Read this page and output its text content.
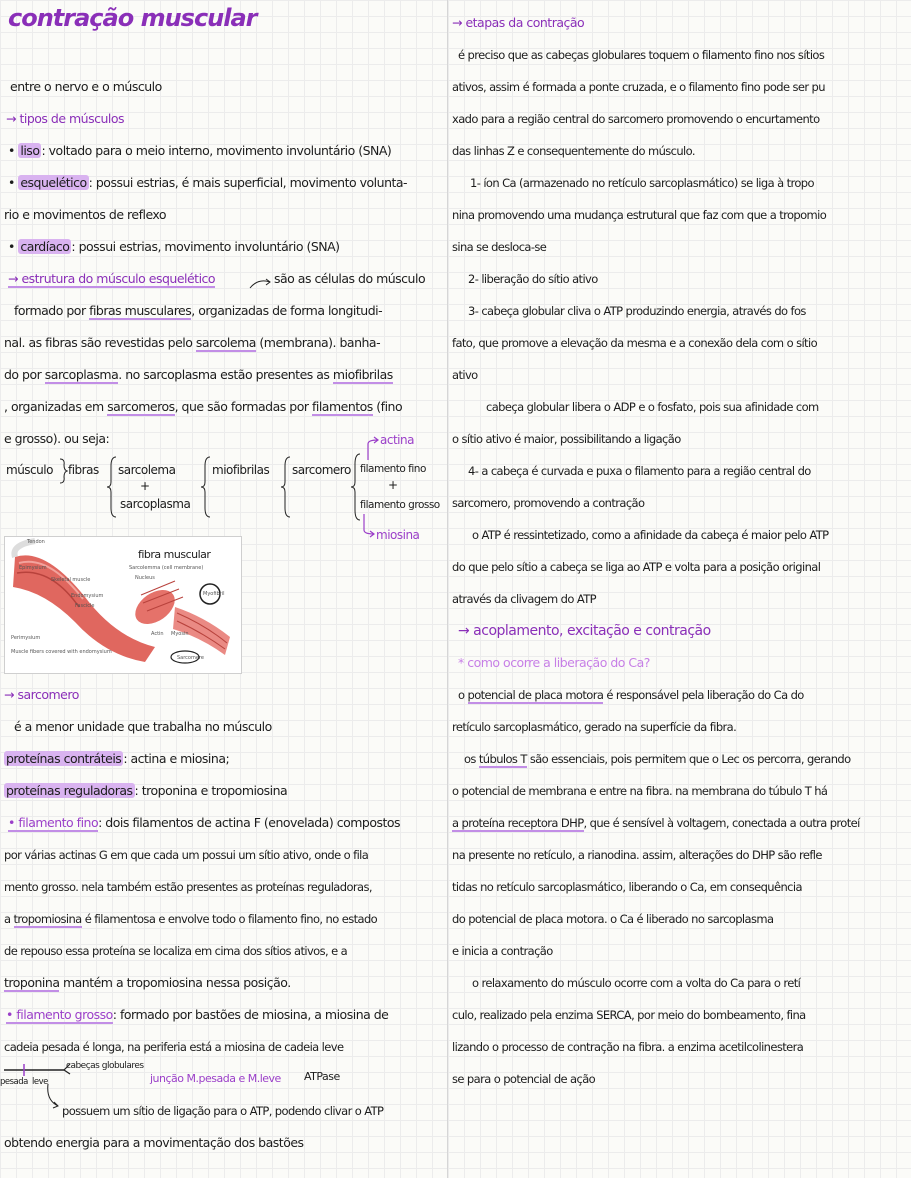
contração muscular
entre o nervo e o músculo
→ tipos de músculos
• liso : voltado para o meio interno, movimento involuntário (SNA)
• esquelético : possui estrias, é mais superficial, movimento volunta-
rio e movimentos de reflexo
• cardíaco : possui estrias, movimento involuntário (SNA)
→ estrutura do músculo esquelético	são as células do músculo
formado por fibras musculares, organizadas de forma longitudi-
nal. as fibras são revestidas pelo sarcolema (membrana). banha-
do por sarcoplasma. no sarcoplasma estão presentes as miofibrilas
, organizadas em sarcomeros, que são formadas por filamentos (fino
e grosso). ou seja:
músculo fibras sarcolema
+
sarcoplasma
miofibrilas sarcomero filamento fino
+
filamento grosso
actina
miosina
Tendon
Epimysium
Skeletal muscle
Endomysium
Fascicle
Perimysium
Muscle fibers covered with endomysium
Sarcolemma (cell membrane)
Nucleus
Myofibril
Actin Myosin
Sarcomere
fibra muscular
→ sarcomero
é a menor unidade que trabalha no músculo
proteínas contráteis : actina e miosina;
proteínas reguladoras : troponina e tropomiosina
• filamento fino: dois filamentos de actina F (enovelada) compostos
por várias actinas G em que cada um possui um sítio ativo, onde o fila
mento grosso. nela também estão presentes as proteínas reguladoras,
a tropomiosina é filamentosa e envolve todo o filamento fino, no estado
de repouso essa proteína se localiza em cima dos sítios ativos, e a
troponina mantém a tropomiosina nessa posição.
• filamento grosso: formado por bastões de miosina, a miosina de
cadeia pesada é longa, na periferia está a miosina de cadeia leve
pesada leve
cabeças globulares
junção M.pesada e M.leve ATPase
possuem um sítio de ligação para o ATP, podendo clivar o ATP
obtendo energia para a movimentação dos bastões
→ etapas da contração
é preciso que as cabeças globulares toquem o filamento fino nos sítios
ativos, assim é formada a ponte cruzada, e o filamento fino pode ser pu
xado para a região central do sarcomero promovendo o encurtamento
das linhas Z e consequentemente do músculo.
1- íon Ca (armazenado no retículo sarcoplasmático) se liga à tropo
nina promovendo uma mudança estrutural que faz com que a tropomio
sina se desloca-se
2- liberação do sítio ativo
3- cabeça globular cliva o ATP produzindo energia, através do fos
fato, que promove a elevação da mesma e a conexão dela com o sítio
ativo
cabeça globular libera o ADP e o fosfato, pois sua afinidade com
o sítio ativo é maior, possibilitando a ligação
4- a cabeça é curvada e puxa o filamento para a região central do
sarcomero, promovendo a contração
o ATP é ressintetizado, como a afinidade da cabeça é maior pelo ATP
do que pelo sítio a cabeça se liga ao ATP e volta para a posição original
através da clivagem do ATP
→ acoplamento, excitação e contração
* como ocorre a liberação do Ca?
o potencial de placa motora é responsável pela liberação do Ca do
retículo sarcoplasmático, gerado na superfície da fibra.
os túbulos T são essenciais, pois permitem que o Lec os percorra, gerando
o potencial de membrana e entre na fibra. na membrana do túbulo T há
a proteína receptora DHP, que é sensível à voltagem, conectada a outra proteí
na presente no retículo, a rianodina. assim, alterações do DHP são refle
tidas no retículo sarcoplasmático, liberando o Ca, em consequência
do potencial de placa motora. o Ca é liberado no sarcoplasma
e inicia a contração
o relaxamento do músculo ocorre com a volta do Ca para o retí
culo, realizado pela enzima SERCA, por meio do bombeamento, fina
lizando o processo de contração na fibra. a enzima acetilcolinestera
se para o potencial de ação
